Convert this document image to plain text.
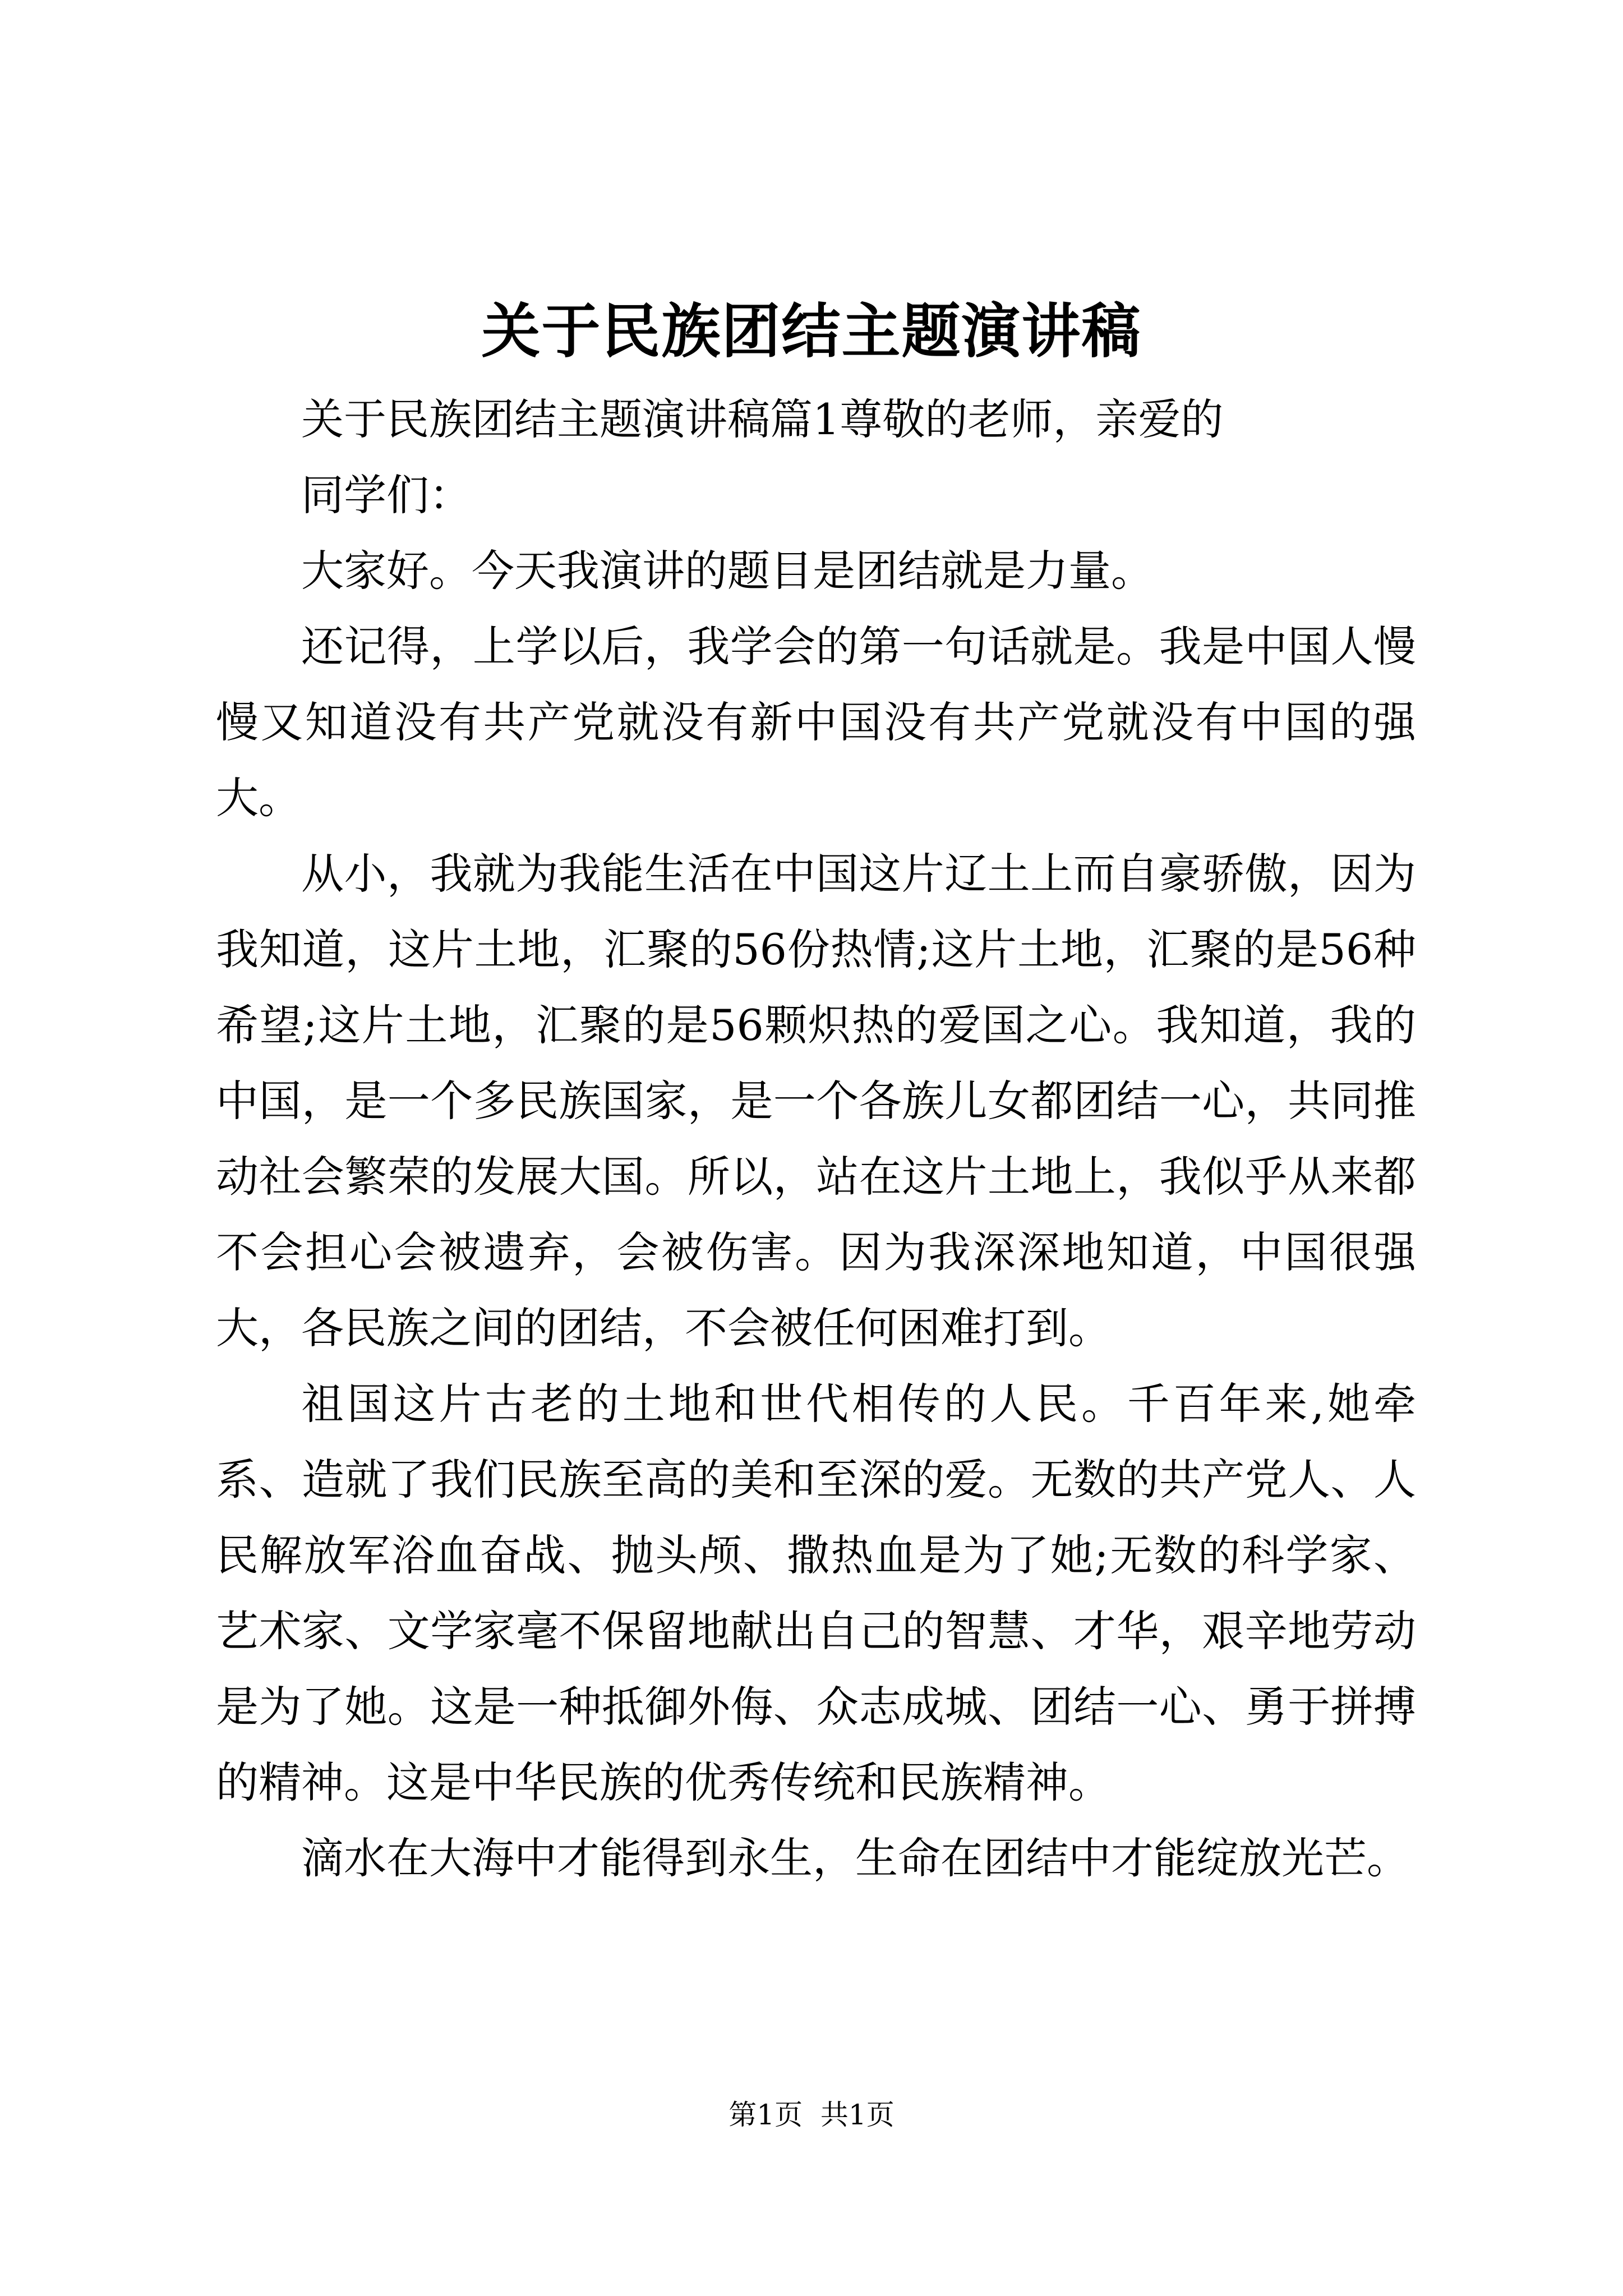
关于民族团结主题演讲稿

关于民族团结主题演讲稿篇1尊敬的老师，亲爱的

同学们：

大家好。今天我演讲的题目是团结就是力量。

还记得，上学以后，我学会的第一句话就是。我是中国人慢慢又知道没有共产党就没有新中国没有共产党就没有中国的强大。

从小，我就为我能生活在中国这片辽土上而自豪骄傲，因为我知道，这片土地，汇聚的56份热情;这片土地，汇聚的是56种希望;这片土地，汇聚的是56颗炽热的爱国之心。我知道，我的中国，是一个多民族国家，是一个各族儿女都团结一心，共同推动社会繁荣的发展大国。所以，站在这片土地上，我似乎从来都不会担心会被遗弃，会被伤害。因为我深深地知道，中国很强大，各民族之间的团结，不会被任何困难打到。

祖国这片古老的土地和世代相传的人民。千百年来,她牵系、造就了我们民族至高的美和至深的爱。无数的共产党人、人民解放军浴血奋战、抛头颅、撒热血是为了她;无数的科学家、艺术家、文学家毫不保留地献出自己的智慧、才华，艰辛地劳动是为了她。这是一种抵御外侮、众志成城、团结一心、勇于拼搏的精神。这是中华民族的优秀传统和民族精神。

滴水在大海中才能得到永生，生命在团结中才能绽放光芒。

第1页  共1页
